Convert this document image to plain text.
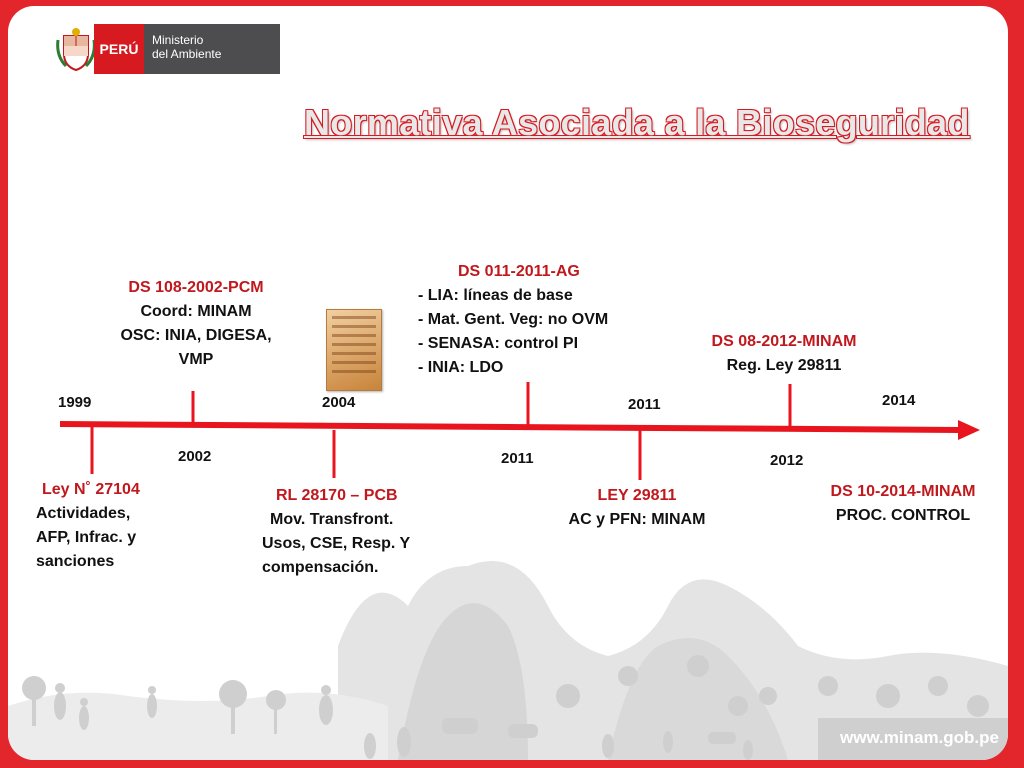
PERÚ
Ministerio
del Ambiente
Normativa Asociada a la Bioseguridad
1999
2002
2004	2011
2011	2012
2014
DS 108-2002-PCM
Coord: MINAM
OSC: INIA, DIGESA,
VMP
DS 011-2011-AG
- LIA: líneas de base
- Mat. Gent. Veg: no OVM
- SENASA: control PI
- INIA: LDO
DS 08-2012-MINAM
Reg. Ley 29811
Ley N˚ 27104
Actividades,
AFP, Infrac. y
sanciones
RL 28170 – PCB
Mov. Transfront.
Usos, CSE, Resp. Y
compensación.
LEY 29811
AC y PFN: MINAM
DS 10-2014-MINAM
PROC. CONTROL
www.minam.gob.pe
